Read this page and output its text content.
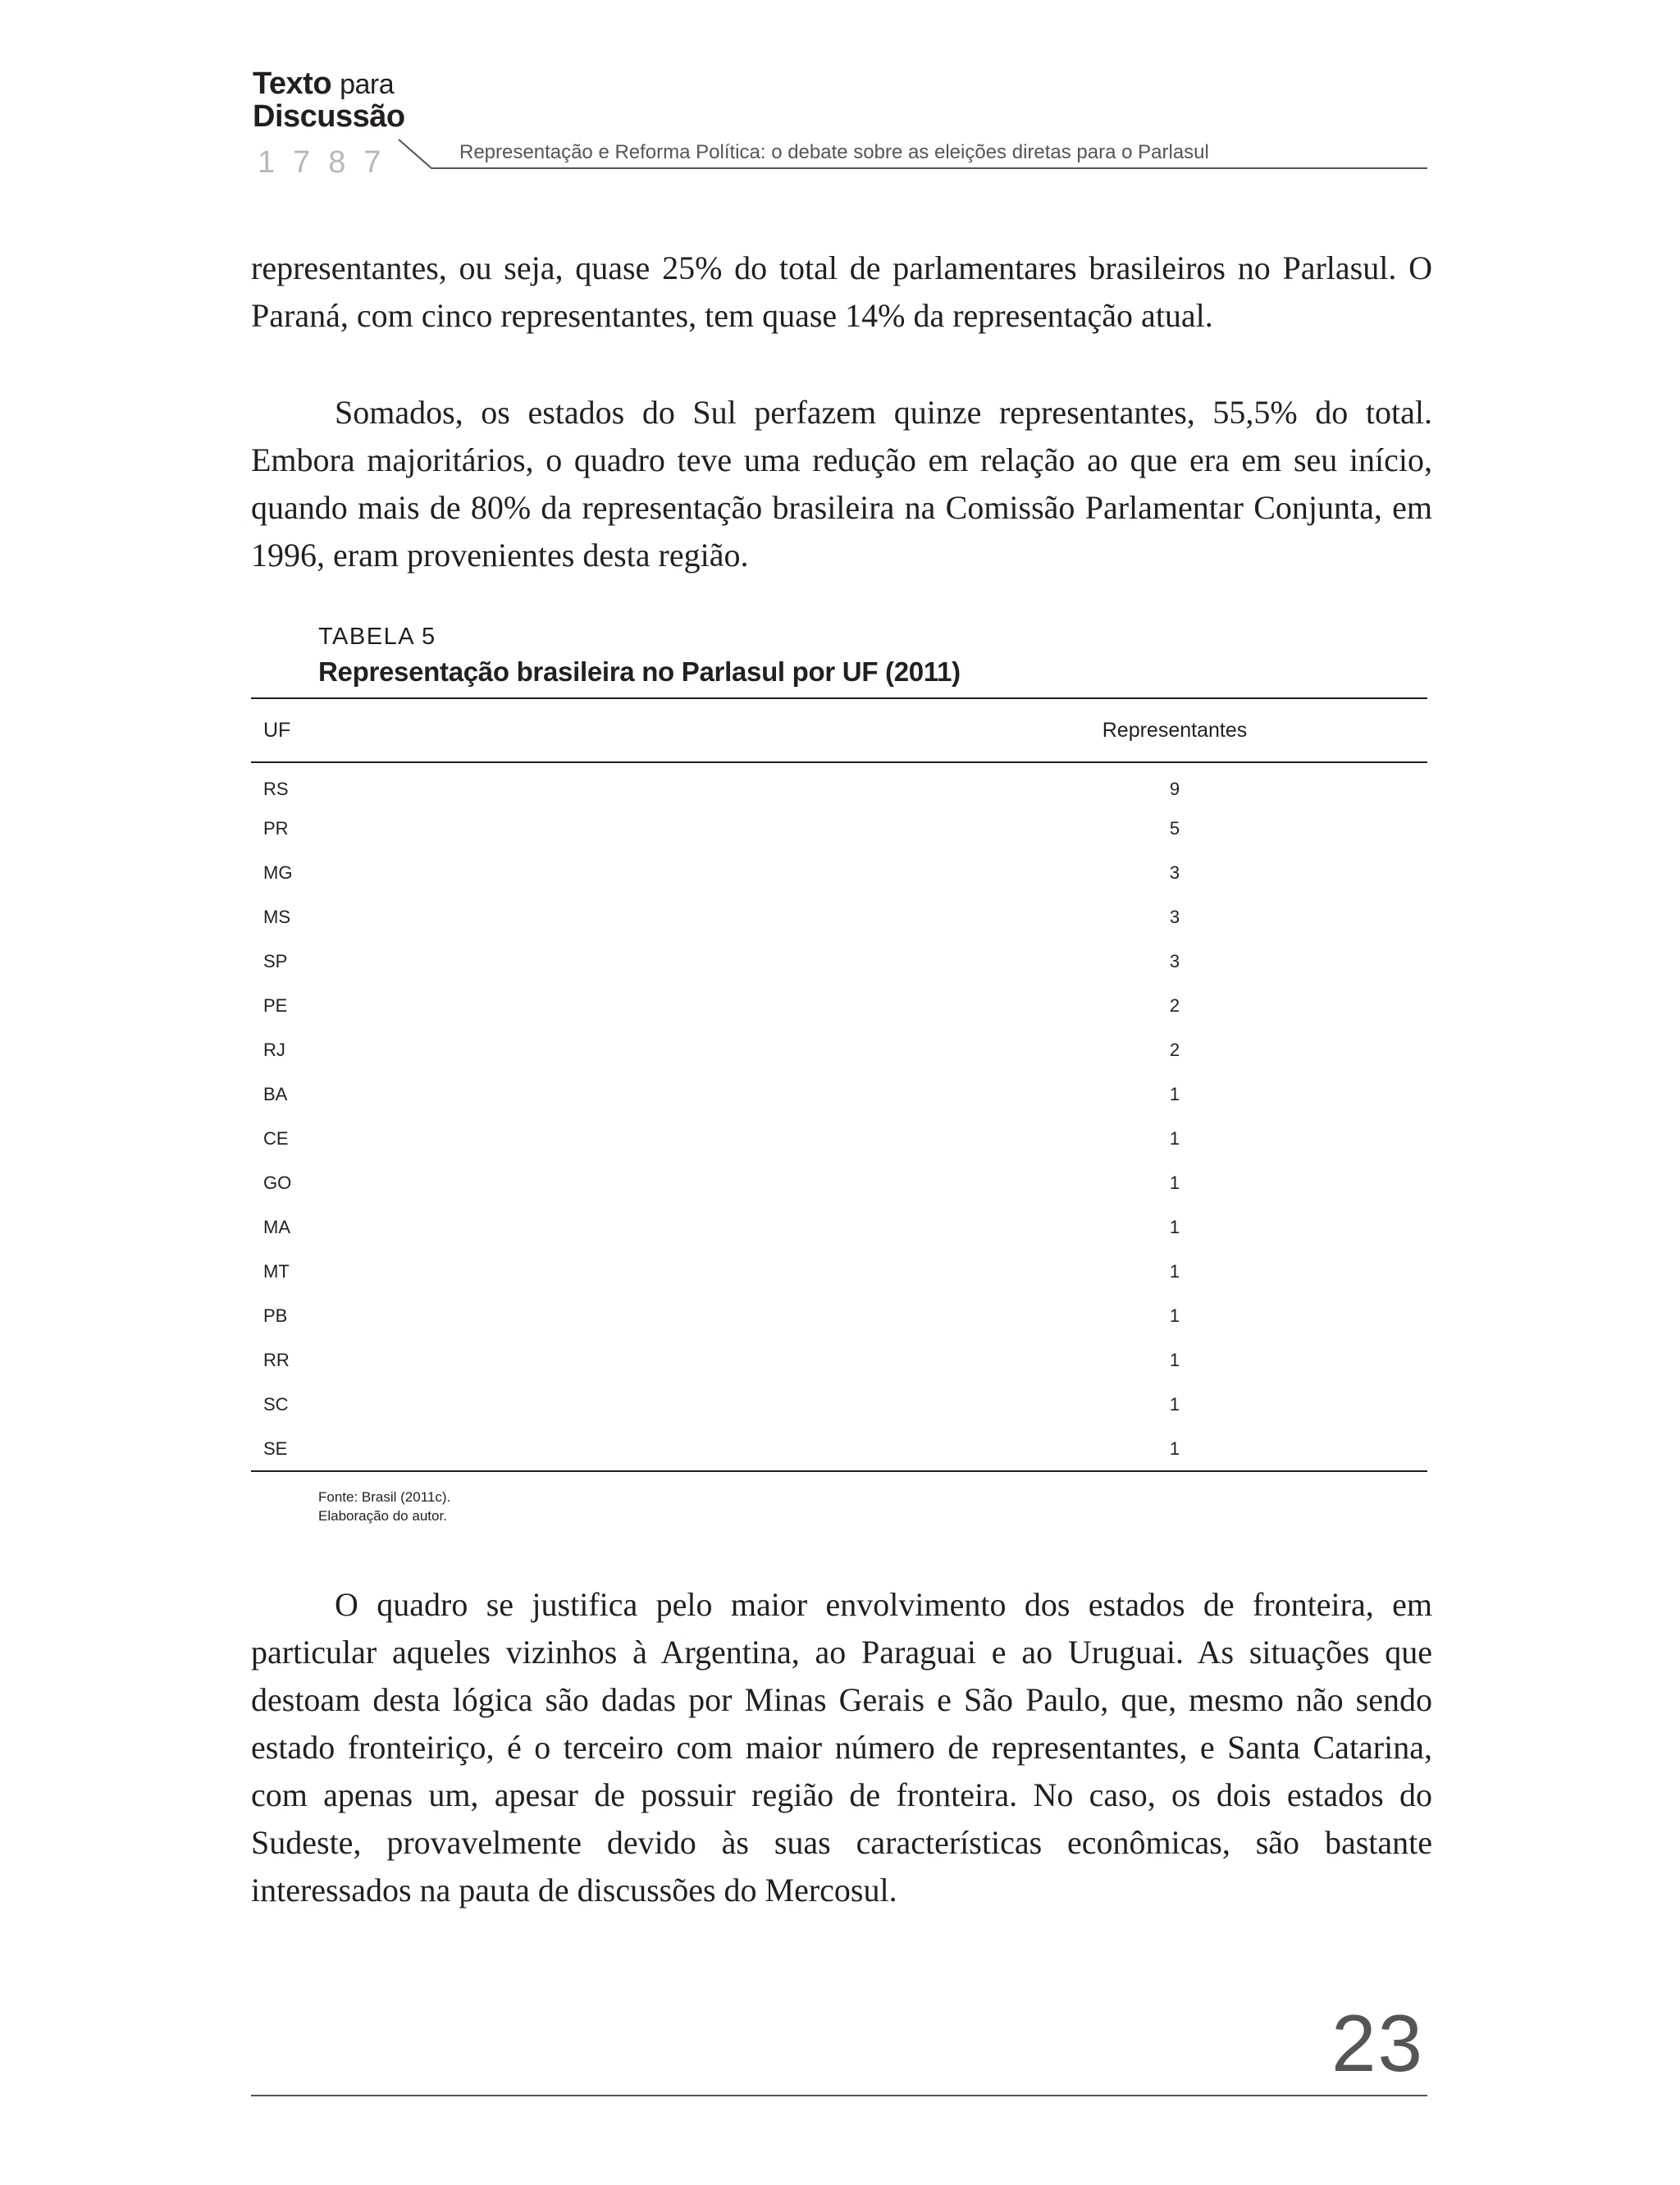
Texto para
Discussão
1787	Representação e Reforma Política: o debate sobre as eleições diretas para o Parlasul

representantes, ou seja, quase 25% do total de parlamentares brasileiros no Parlasul. O Paraná, com cinco representantes, tem quase 14% da representação atual.

Somados, os estados do Sul perfazem quinze representantes, 55,5% do total. Embora majoritários, o quadro teve uma redução em relação ao que era em seu início, quando mais de 80% da representação brasileira na Comissão Parlamentar Conjunta, em 1996, eram provenientes desta região.

TABELA 5
Representação brasileira no Parlasul por UF (2011)
UF	Representantes
RS	9
PR	5
MG	3
MS	3
SP	3
PE	2
RJ	2
BA	1
CE	1
GO	1
MA	1
MT	1
PB	1
RR	1
SC	1
SE	1
Fonte: Brasil (2011c).
Elaboração do autor.

O quadro se justifica pelo maior envolvimento dos estados de fronteira, em particular aqueles vizinhos à Argentina, ao Paraguai e ao Uruguai. As situações que destoam desta lógica são dadas por Minas Gerais e São Paulo, que, mesmo não sendo estado fronteiriço, é o terceiro com maior número de representantes, e Santa Catarina, com apenas um, apesar de possuir região de fronteira. No caso, os dois estados do Sudeste, provavelmente devido às suas características econômicas, são bastante interessados na pauta de discussões do Mercosul.

23
